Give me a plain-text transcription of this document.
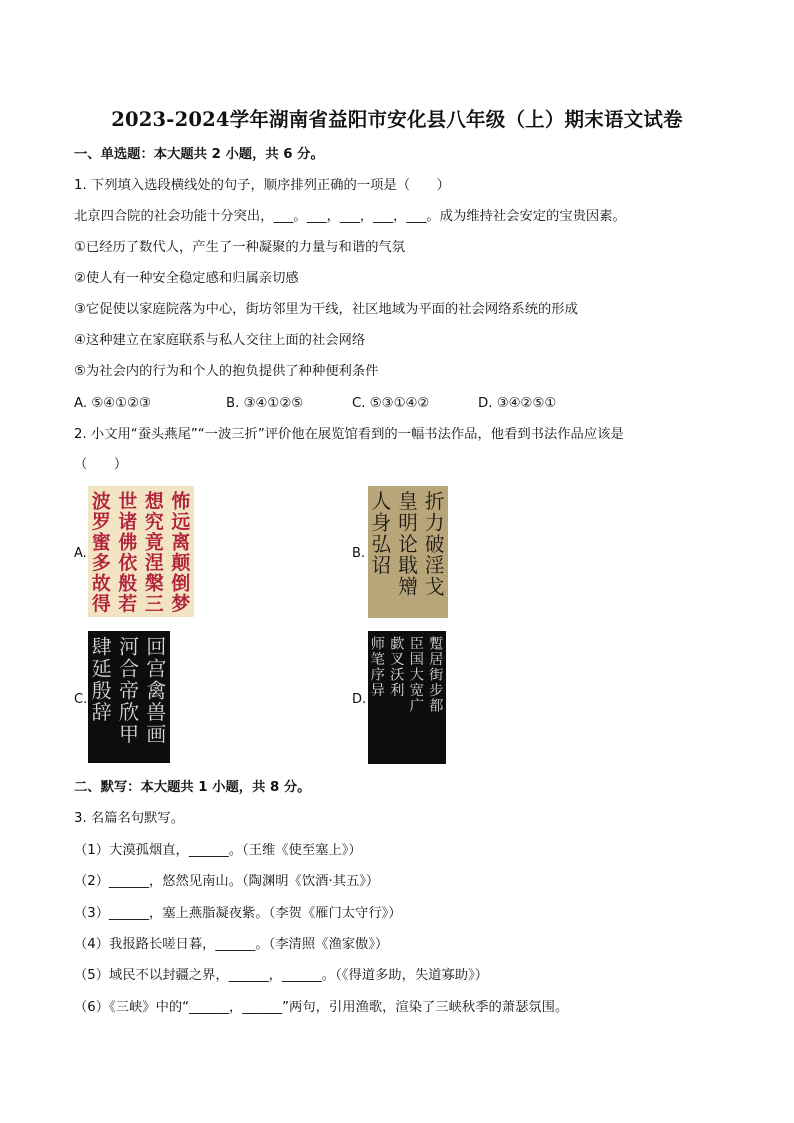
2023-2024学年湖南省益阳市安化县八年级（上）期末语文试卷
一、单选题：本大题共 2 小题，共 6 分。
1. 下列填入选段横线处的句子，顺序排列正确的一项是（　　）
北京四合院的社会功能十分突出，___。___，___，___，___。成为维持社会安定的宝贵因素。
①已经历了数代人，产生了一种凝聚的力量与和谐的气氛
②使人有一种安全稳定感和归属亲切感
③它促使以家庭院落为中心，街坊邻里为干线，社区地域为平面的社会网络系统的形成
④这种建立在家庭联系与私人交往上面的社会网络
⑤为社会内的行为和个人的抱负提供了种种便利条件
A. ⑤④①②③	B. ③④①②⑤	C. ⑤③①④②	D. ③④②⑤①
2. 小文用“蚕头燕尾”“一波三折”评价他在展览馆看到的一幅书法作品，他看到书法作品应该是
（　　）
A.
怖
远
离
颠
倒
梦
想
究
竟
涅
槃
三
世
诸
佛
依
般
若
波
罗
蜜
多
故
得
B.
折
力
破
淫
戈
皇
明
论
戢
矰
人
身
弘
诏
C.
回
宫
禽
兽
画
河
合
帝
欣
甲
肆
延
殷
辞
D.
蹔
居
街
步
都
臣
国
大
宽
广
歔
叉
沃
利
师
笔
序
异
二、默写：本大题共 1 小题，共 8 分。
3. 名篇名句默写。
（1）大漠孤烟直，______。（王维《使至塞上》）
（2）______，悠然见南山。（陶渊明《饮酒·其五》）
（3）______，塞上燕脂凝夜紫。（李贺《雁门太守行》）
（4）我报路长嗟日暮，______。（李清照《渔家傲》）
（5）域民不以封疆之界，______，______。（《得道多助，失道寡助》）
（6）《三峡》中的“______，______”两句，引用渔歌，渲染了三峡秋季的萧瑟氛围。
